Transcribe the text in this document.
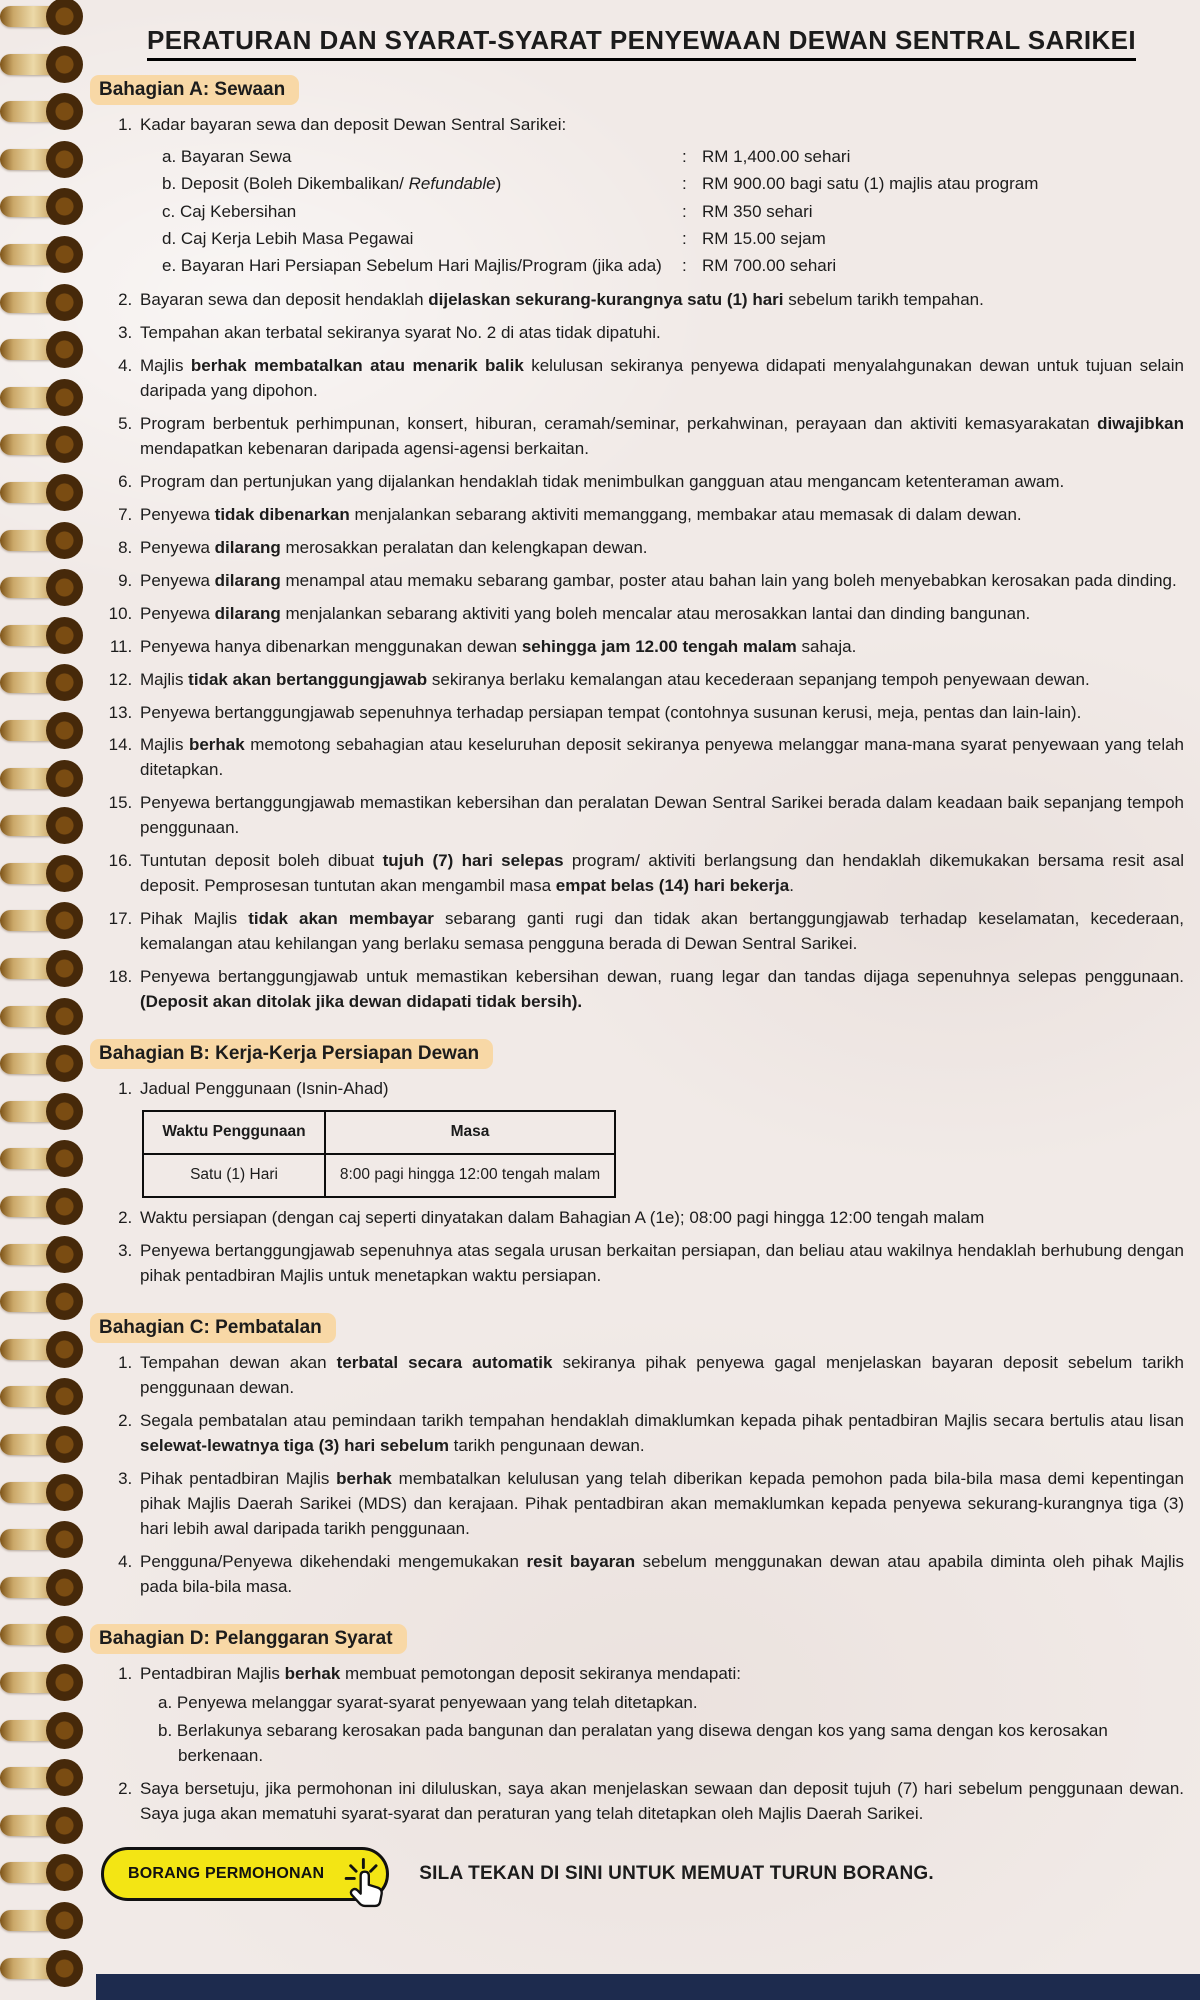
PERATURAN DAN SYARAT-SYARAT PENYEWAAN DEWAN SENTRAL SARIKEI
Bahagian A: Sewaan
1. Kadar bayaran sewa dan deposit Dewan Sentral Sarikei:
a. Bayaran Sewa	: RM 1,400.00 sehari
b. Deposit (Boleh Dikembalikan/ Refundable)	: RM 900.00 bagi satu (1) majlis atau program
c. Caj Kebersihan	: RM 350 sehari
d. Caj Kerja Lebih Masa Pegawai	: RM 15.00 sejam
e. Bayaran Hari Persiapan Sebelum Hari Majlis/Program (jika ada)	: RM 700.00 sehari
2. Bayaran sewa dan deposit hendaklah dijelaskan sekurang-kurangnya satu (1) hari sebelum tarikh tempahan.
3. Tempahan akan terbatal sekiranya syarat No. 2 di atas tidak dipatuhi.
4. Majlis berhak membatalkan atau menarik balik kelulusan sekiranya penyewa didapati menyalahgunakan dewan untuk tujuan selain daripada yang dipohon.
5. Program berbentuk perhimpunan, konsert, hiburan, ceramah/seminar, perkahwinan, perayaan dan aktiviti kemasyarakatan diwajibkan mendapatkan kebenaran daripada agensi-agensi berkaitan.
6. Program dan pertunjukan yang dijalankan hendaklah tidak menimbulkan gangguan atau mengancam ketenteraman awam.
7. Penyewa tidak dibenarkan menjalankan sebarang aktiviti memanggang, membakar atau memasak di dalam dewan.
8. Penyewa dilarang merosakkan peralatan dan kelengkapan dewan.
9. Penyewa dilarang menampal atau memaku sebarang gambar, poster atau bahan lain yang boleh menyebabkan kerosakan pada dinding.
10. Penyewa dilarang menjalankan sebarang aktiviti yang boleh mencalar atau merosakkan lantai dan dinding bangunan.
11. Penyewa hanya dibenarkan menggunakan dewan sehingga jam 12.00 tengah malam sahaja.
12. Majlis tidak akan bertanggungjawab sekiranya berlaku kemalangan atau kecederaan sepanjang tempoh penyewaan dewan.
13. Penyewa bertanggungjawab sepenuhnya terhadap persiapan tempat (contohnya susunan kerusi, meja, pentas dan lain-lain).
14. Majlis berhak memotong sebahagian atau keseluruhan deposit sekiranya penyewa melanggar mana-mana syarat penyewaan yang telah ditetapkan.
15. Penyewa bertanggungjawab memastikan kebersihan dan peralatan Dewan Sentral Sarikei berada dalam keadaan baik sepanjang tempoh penggunaan.
16. Tuntutan deposit boleh dibuat tujuh (7) hari selepas program/ aktiviti berlangsung dan hendaklah dikemukakan bersama resit asal deposit. Pemprosesan tuntutan akan mengambil masa empat belas (14) hari bekerja.
17. Pihak Majlis tidak akan membayar sebarang ganti rugi dan tidak akan bertanggungjawab terhadap keselamatan, kecederaan, kemalangan atau kehilangan yang berlaku semasa pengguna berada di Dewan Sentral Sarikei.
18. Penyewa bertanggungjawab untuk memastikan kebersihan dewan, ruang legar dan tandas dijaga sepenuhnya selepas penggunaan. (Deposit akan ditolak jika dewan didapati tidak bersih).
Bahagian B: Kerja-Kerja Persiapan Dewan
1. Jadual Penggunaan (Isnin-Ahad)
Waktu Penggunaan	Masa
Satu (1) Hari	8:00 pagi hingga 12:00 tengah malam
2. Waktu persiapan (dengan caj seperti dinyatakan dalam Bahagian A (1e); 08:00 pagi hingga 12:00 tengah malam
3. Penyewa bertanggungjawab sepenuhnya atas segala urusan berkaitan persiapan, dan beliau atau wakilnya hendaklah berhubung dengan pihak pentadbiran Majlis untuk menetapkan waktu persiapan.
Bahagian C: Pembatalan
1. Tempahan dewan akan terbatal secara automatik sekiranya pihak penyewa gagal menjelaskan bayaran deposit sebelum tarikh penggunaan dewan.
2. Segala pembatalan atau pemindaan tarikh tempahan hendaklah dimaklumkan kepada pihak pentadbiran Majlis secara bertulis atau lisan selewat-lewatnya tiga (3) hari sebelum tarikh pengunaan dewan.
3. Pihak pentadbiran Majlis berhak membatalkan kelulusan yang telah diberikan kepada pemohon pada bila-bila masa demi kepentingan pihak Majlis Daerah Sarikei (MDS) dan kerajaan. Pihak pentadbiran akan memaklumkan kepada penyewa sekurang-kurangnya tiga (3) hari lebih awal daripada tarikh penggunaan.
4. Pengguna/Penyewa dikehendaki mengemukakan resit bayaran sebelum menggunakan dewan atau apabila diminta oleh pihak Majlis pada bila-bila masa.
Bahagian D: Pelanggaran Syarat
1. Pentadbiran Majlis berhak membuat pemotongan deposit sekiranya mendapati:
a. Penyewa melanggar syarat-syarat penyewaan yang telah ditetapkan.
b. Berlakunya sebarang kerosakan pada bangunan dan peralatan yang disewa dengan kos yang sama dengan kos kerosakan berkenaan.
2. Saya bersetuju, jika permohonan ini diluluskan, saya akan menjelaskan sewaan dan deposit tujuh (7) hari sebelum penggunaan dewan. Saya juga akan mematuhi syarat-syarat dan peraturan yang telah ditetapkan oleh Majlis Daerah Sarikei.
BORANG PERMOHONAN	SILA TEKAN DI SINI UNTUK MEMUAT TURUN BORANG.
